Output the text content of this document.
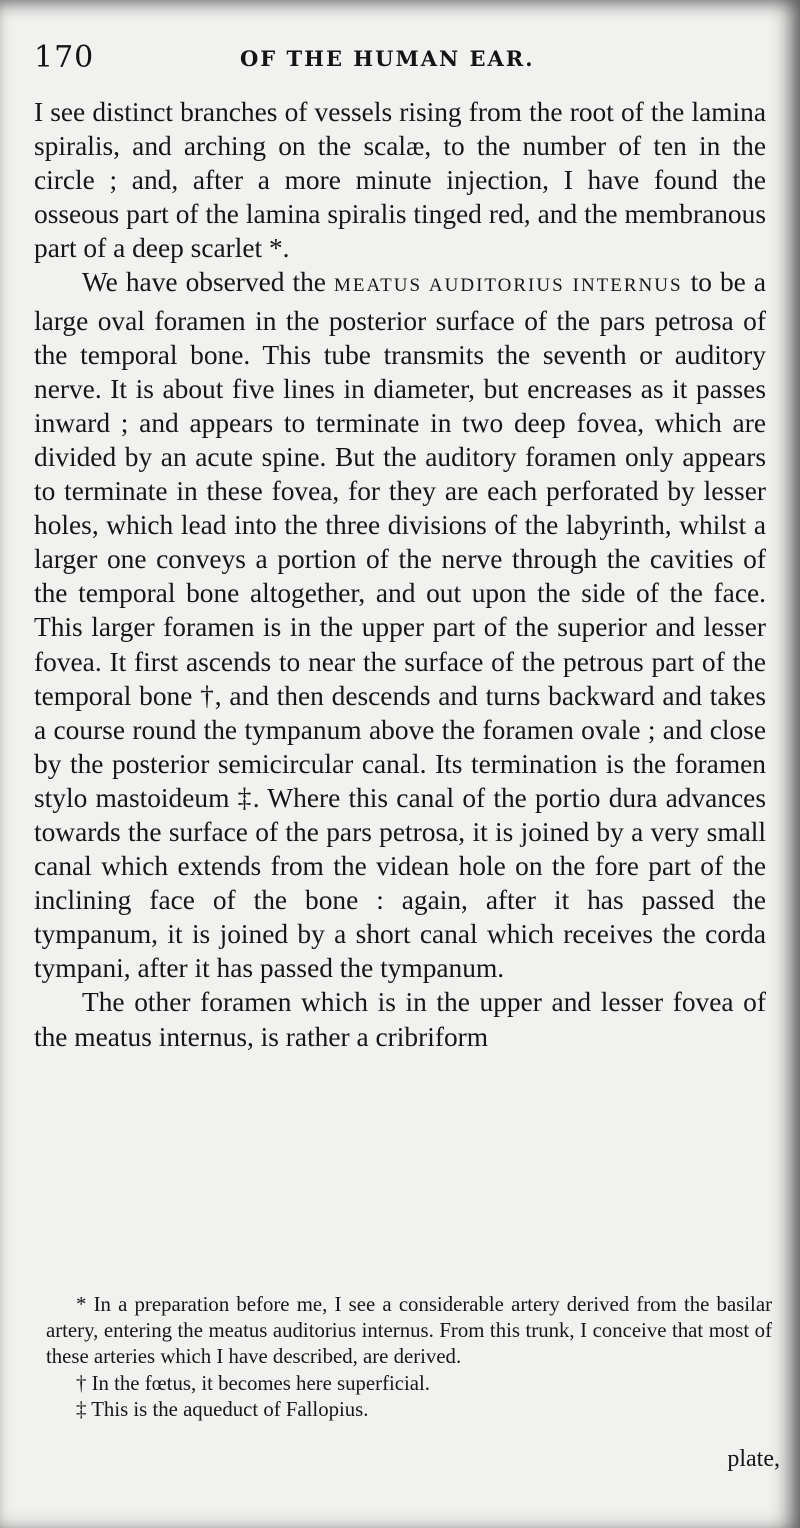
170	OF THE HUMAN EAR.

I see distinct branches of vessels rising from the root of the lamina spiralis, and arching on the scalæ, to the number of ten in the circle ; and, after a more minute injection, I have found the osseous part of the lamina spiralis tinged red, and the membranous part of a deep scarlet *.

We have observed the MEATUS AUDITORIUS INTERNUS to be a large oval foramen in the posterior surface of the pars petrosa of the temporal bone. This tube transmits the seventh or auditory nerve. It is about five lines in diameter, but encreases as it passes inward ; and appears to terminate in two deep fovea, which are divided by an acute spine. But the auditory foramen only appears to terminate in these fovea, for they are each perforated by lesser holes, which lead into the three divisions of the labyrinth, whilst a larger one conveys a portion of the nerve through the cavities of the temporal bone altogether, and out upon the side of the face. This larger foramen is in the upper part of the superior and lesser fovea. It first ascends to near the surface of the petrous part of the temporal bone †, and then descends and turns backward and takes a course round the tympanum above the foramen ovale ; and close by the posterior semicircular canal. Its termination is the foramen stylo mastoideum ‡. Where this canal of the portio dura advances towards the surface of the pars petrosa, it is joined by a very small canal which extends from the videan hole on the fore part of the inclining face of the bone : again, after it has passed the tympanum, it is joined by a short canal which receives the corda tympani, after it has passed the tympanum.

The other foramen which is in the upper and lesser fovea of the meatus internus, is rather a cribriform

* In a preparation before me, I see a considerable artery derived from the basilar artery, entering the meatus auditorius internus. From this trunk, I conceive that most of these arteries which I have described, are derived.

† In the fœtus, it becomes here superficial.

‡ This is the aqueduct of Fallopius.

plate,
